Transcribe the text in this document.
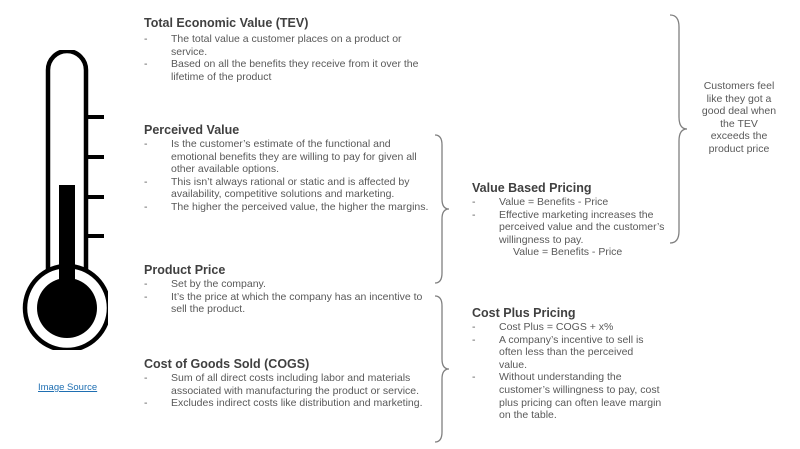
Image Source
Total Economic Value (TEV)
- The total value a customer places on a product or service.
- Based on all the benefits they receive from it over the lifetime of the product
Perceived Value
- Is the customer’s estimate of the functional and emotional benefits they are willing to pay for given all other available options.
- This isn’t always rational or static and is affected by availability, competitive solutions and marketing.
- The higher the perceived value, the higher the margins.
Product Price
- Set by the company.
- It’s the price at which the company has an incentive to sell the product.
Cost of Goods Sold (COGS)
- Sum of all direct costs including labor and materials associated with manufacturing the product or service.
- Excludes indirect costs like distribution and marketing.
Value Based Pricing
- Value = Benefits - Price
- Effective marketing increases the perceived value and the customer’s willingness to pay.
Value = Benefits - Price
Cost Plus Pricing
- Cost Plus = COGS + x%
- A company’s incentive to sell is often less than the perceived value.
- Without understanding the customer’s willingness to pay, cost plus pricing can often leave margin on the table.
Customers feel like they got a good deal when the TEV exceeds the product price
